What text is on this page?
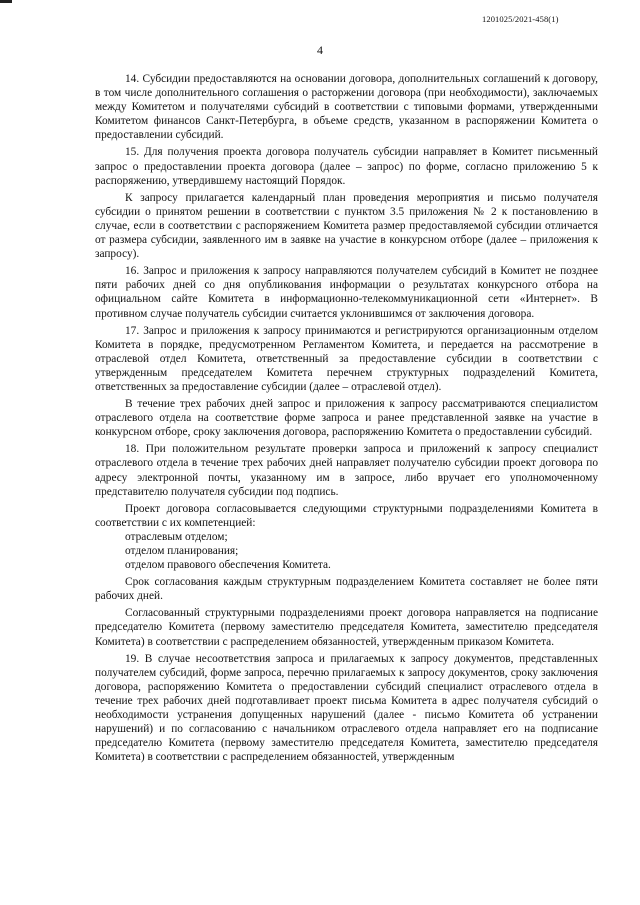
1201025/2021-458(1)
4

14. Субсидии предоставляются на основании договора, дополнительных соглашений к договору, в том числе дополнительного соглашения о расторжении договора (при необходимости), заключаемых между Комитетом и получателями субсидий в соответствии с типовыми формами, утвержденными Комитетом финансов Санкт-Петербурга, в объеме средств, указанном в распоряжении Комитета о предоставлении субсидий.

15. Для получения проекта договора получатель субсидии направляет в Комитет письменный запрос о предоставлении проекта договора (далее – запрос) по форме, согласно приложению 5 к распоряжению, утвердившему настоящий Порядок.

К запросу прилагается календарный план проведения мероприятия и письмо получателя субсидии о принятом решении в соответствии с пунктом 3.5 приложения № 2 к постановлению в случае, если в соответствии с распоряжением Комитета размер предоставляемой субсидии отличается от размера субсидии, заявленного им в заявке на участие в конкурсном отборе (далее – приложения к запросу).

16. Запрос и приложения к запросу направляются получателем субсидий в Комитет не позднее пяти рабочих дней со дня опубликования информации о результатах конкурсного отбора на официальном сайте Комитета в информационно-телекоммуникационной сети «Интернет». В противном случае получатель субсидии считается уклонившимся от заключения договора.

17. Запрос и приложения к запросу принимаются и регистрируются организационным отделом Комитета в порядке, предусмотренном Регламентом Комитета, и передается на рассмотрение в отраслевой отдел Комитета, ответственный за предоставление субсидии в соответствии с утвержденным председателем Комитета перечнем структурных подразделений Комитета, ответственных за предоставление субсидии (далее – отраслевой отдел).

В течение трех рабочих дней запрос и приложения к запросу рассматриваются специалистом отраслевого отдела на соответствие форме запроса и ранее представленной заявке на участие в конкурсном отборе, сроку заключения договора, распоряжению Комитета о предоставлении субсидий.

18. При положительном результате проверки запроса и приложений к запросу специалист отраслевого отдела в течение трех рабочих дней направляет получателю субсидии проект договора по адресу электронной почты, указанному им в запросе, либо вручает его уполномоченному представителю получателя субсидии под подпись.

Проект договора согласовывается следующими структурными подразделениями Комитета в соответствии с их компетенцией:

отраслевым отделом;

отделом планирования;

отделом правового обеспечения Комитета.

Срок согласования каждым структурным подразделением Комитета составляет не более пяти рабочих дней.

Согласованный структурными подразделениями проект договора направляется на подписание председателю Комитета (первому заместителю председателя Комитета, заместителю председателя Комитета) в соответствии с распределением обязанностей, утвержденным приказом Комитета.

19. В случае несоответствия запроса и прилагаемых к запросу документов, представленных получателем субсидий, форме запроса, перечню прилагаемых к запросу документов, сроку заключения договора, распоряжению Комитета о предоставлении субсидий специалист отраслевого отдела в течение трех рабочих дней подготавливает проект письма Комитета в адрес получателя субсидий о необходимости устранения допущенных нарушений (далее - письмо Комитета об устранении нарушений) и по согласованию с начальником отраслевого отдела направляет его на подписание председателю Комитета (первому заместителю председателя Комитета, заместителю председателя Комитета) в соответствии с распределением обязанностей, утвержденным
